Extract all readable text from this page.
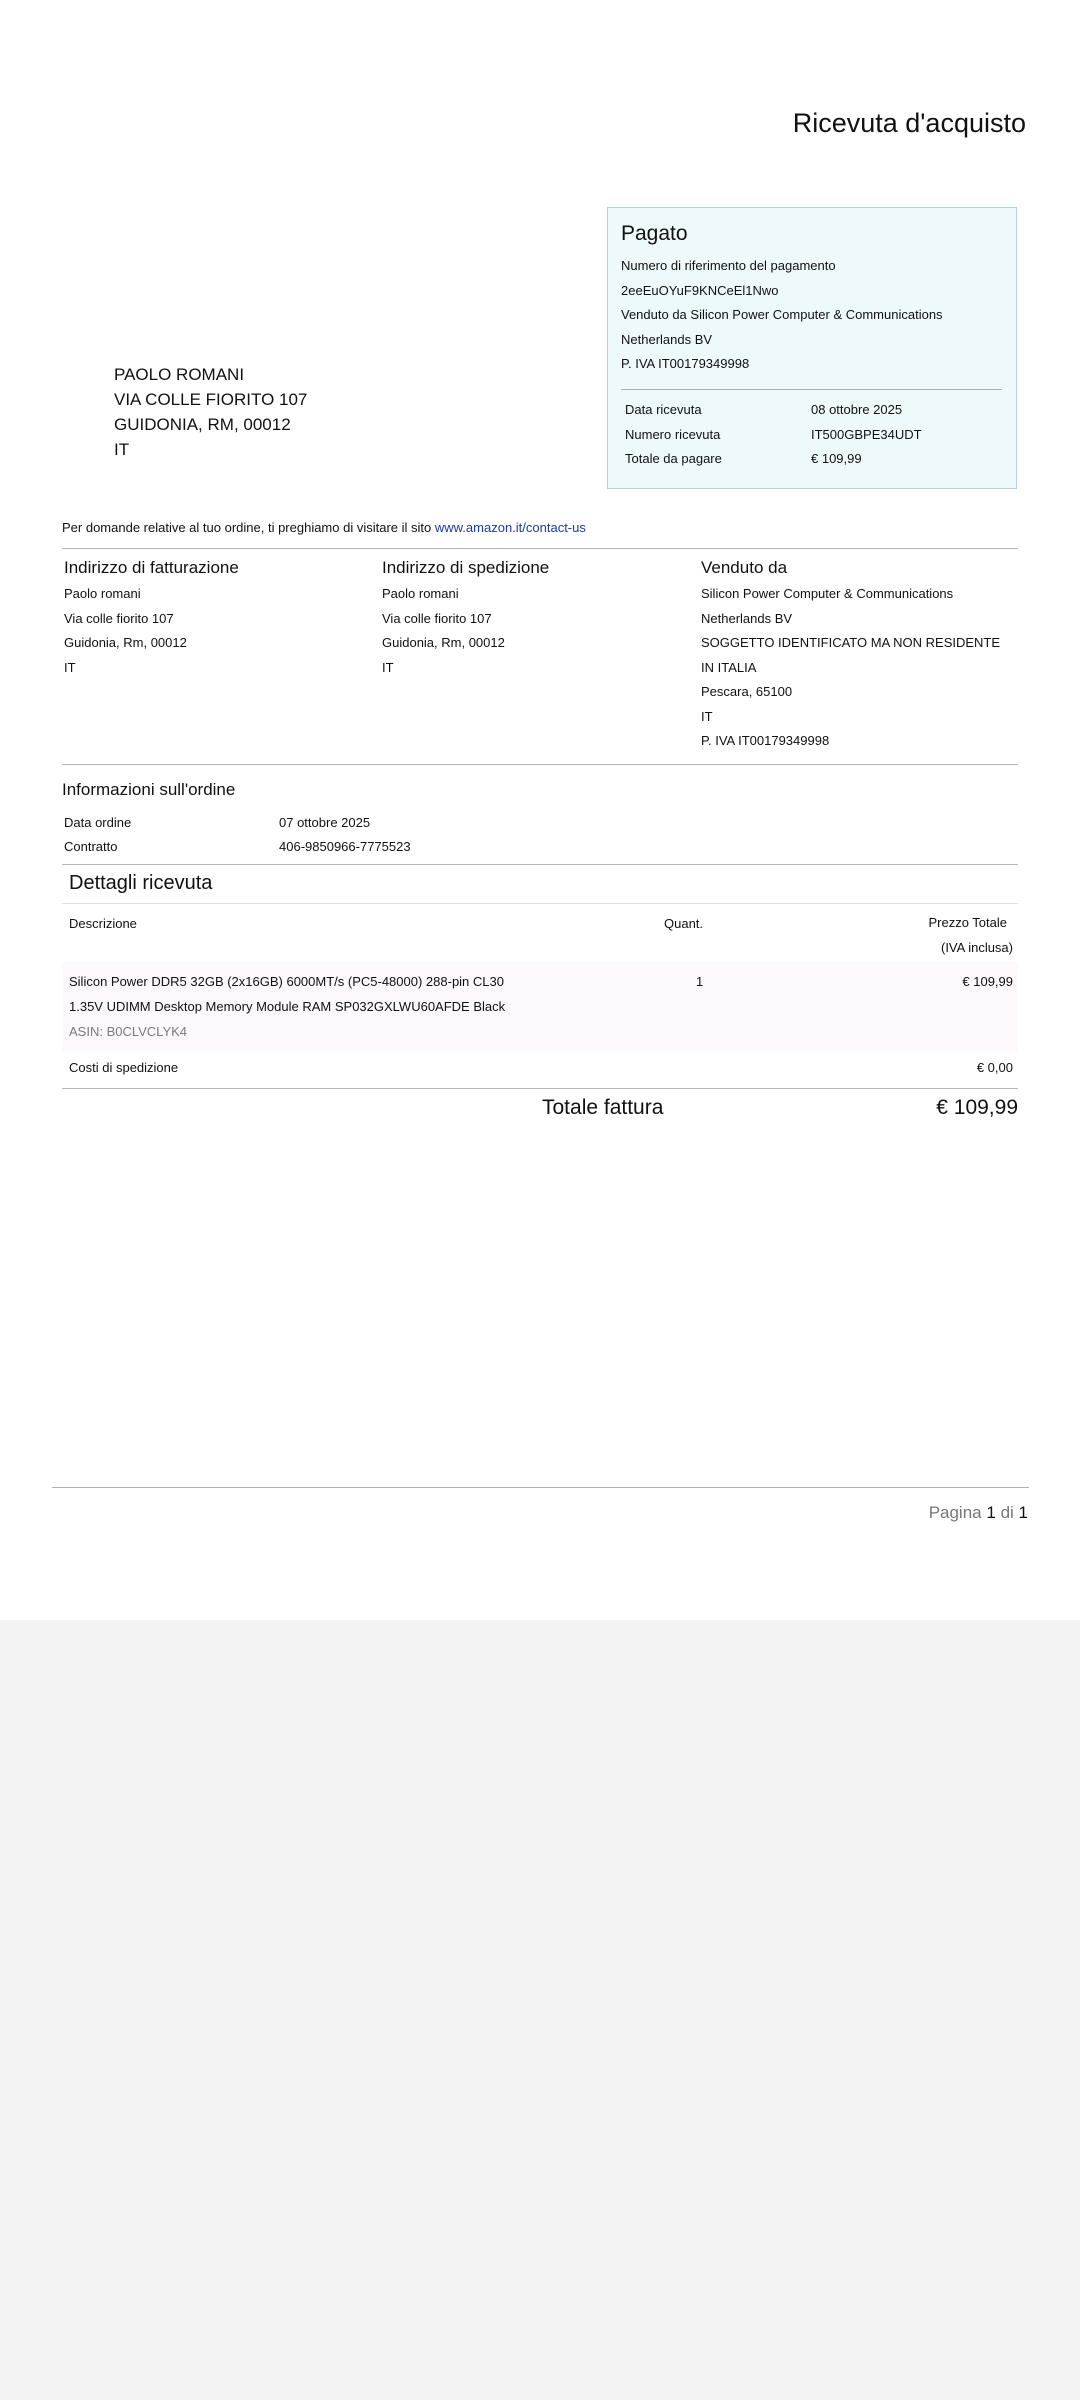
Ricevuta d'acquisto
PAOLO ROMANI
VIA COLLE FIORITO 107
GUIDONIA, RM, 00012
IT
Pagato
Numero di riferimento del pagamento
2eeEuOYuF9KNCeEl1Nwo
Venduto da Silicon Power Computer & Communications
Netherlands BV
P. IVA IT00179349998
Data ricevuta	08 ottobre 2025
Numero ricevuta	IT500GBPE34UDT
Totale da pagare	€ 109,99
Per domande relative al tuo ordine, ti preghiamo di visitare il sito www.amazon.it/contact-us
Indirizzo di fatturazione
Paolo romani
Via colle fiorito 107
Guidonia, Rm, 00012
IT
Indirizzo di spedizione
Paolo romani
Via colle fiorito 107
Guidonia, Rm, 00012
IT
Venduto da
Silicon Power Computer & Communications
Netherlands BV
SOGGETTO IDENTIFICATO MA NON RESIDENTE
IN ITALIA
Pescara, 65100
IT
P. IVA IT00179349998
Informazioni sull'ordine
Data ordine	07 ottobre 2025
Contratto	406-9850966-7775523
Dettagli ricevuta
Descrizione	Quant.	Prezzo Totale
(IVA inclusa)
Silicon Power DDR5 32GB (2x16GB) 6000MT/s (PC5-48000) 288-pin CL30
1.35V UDIMM Desktop Memory Module RAM SP032GXLWU60AFDE Black
ASIN: B0CLVCLYK4
1	€ 109,99
Costi di spedizione	€ 0,00
Totale fattura	€ 109,99
Pagina 1 di 1
